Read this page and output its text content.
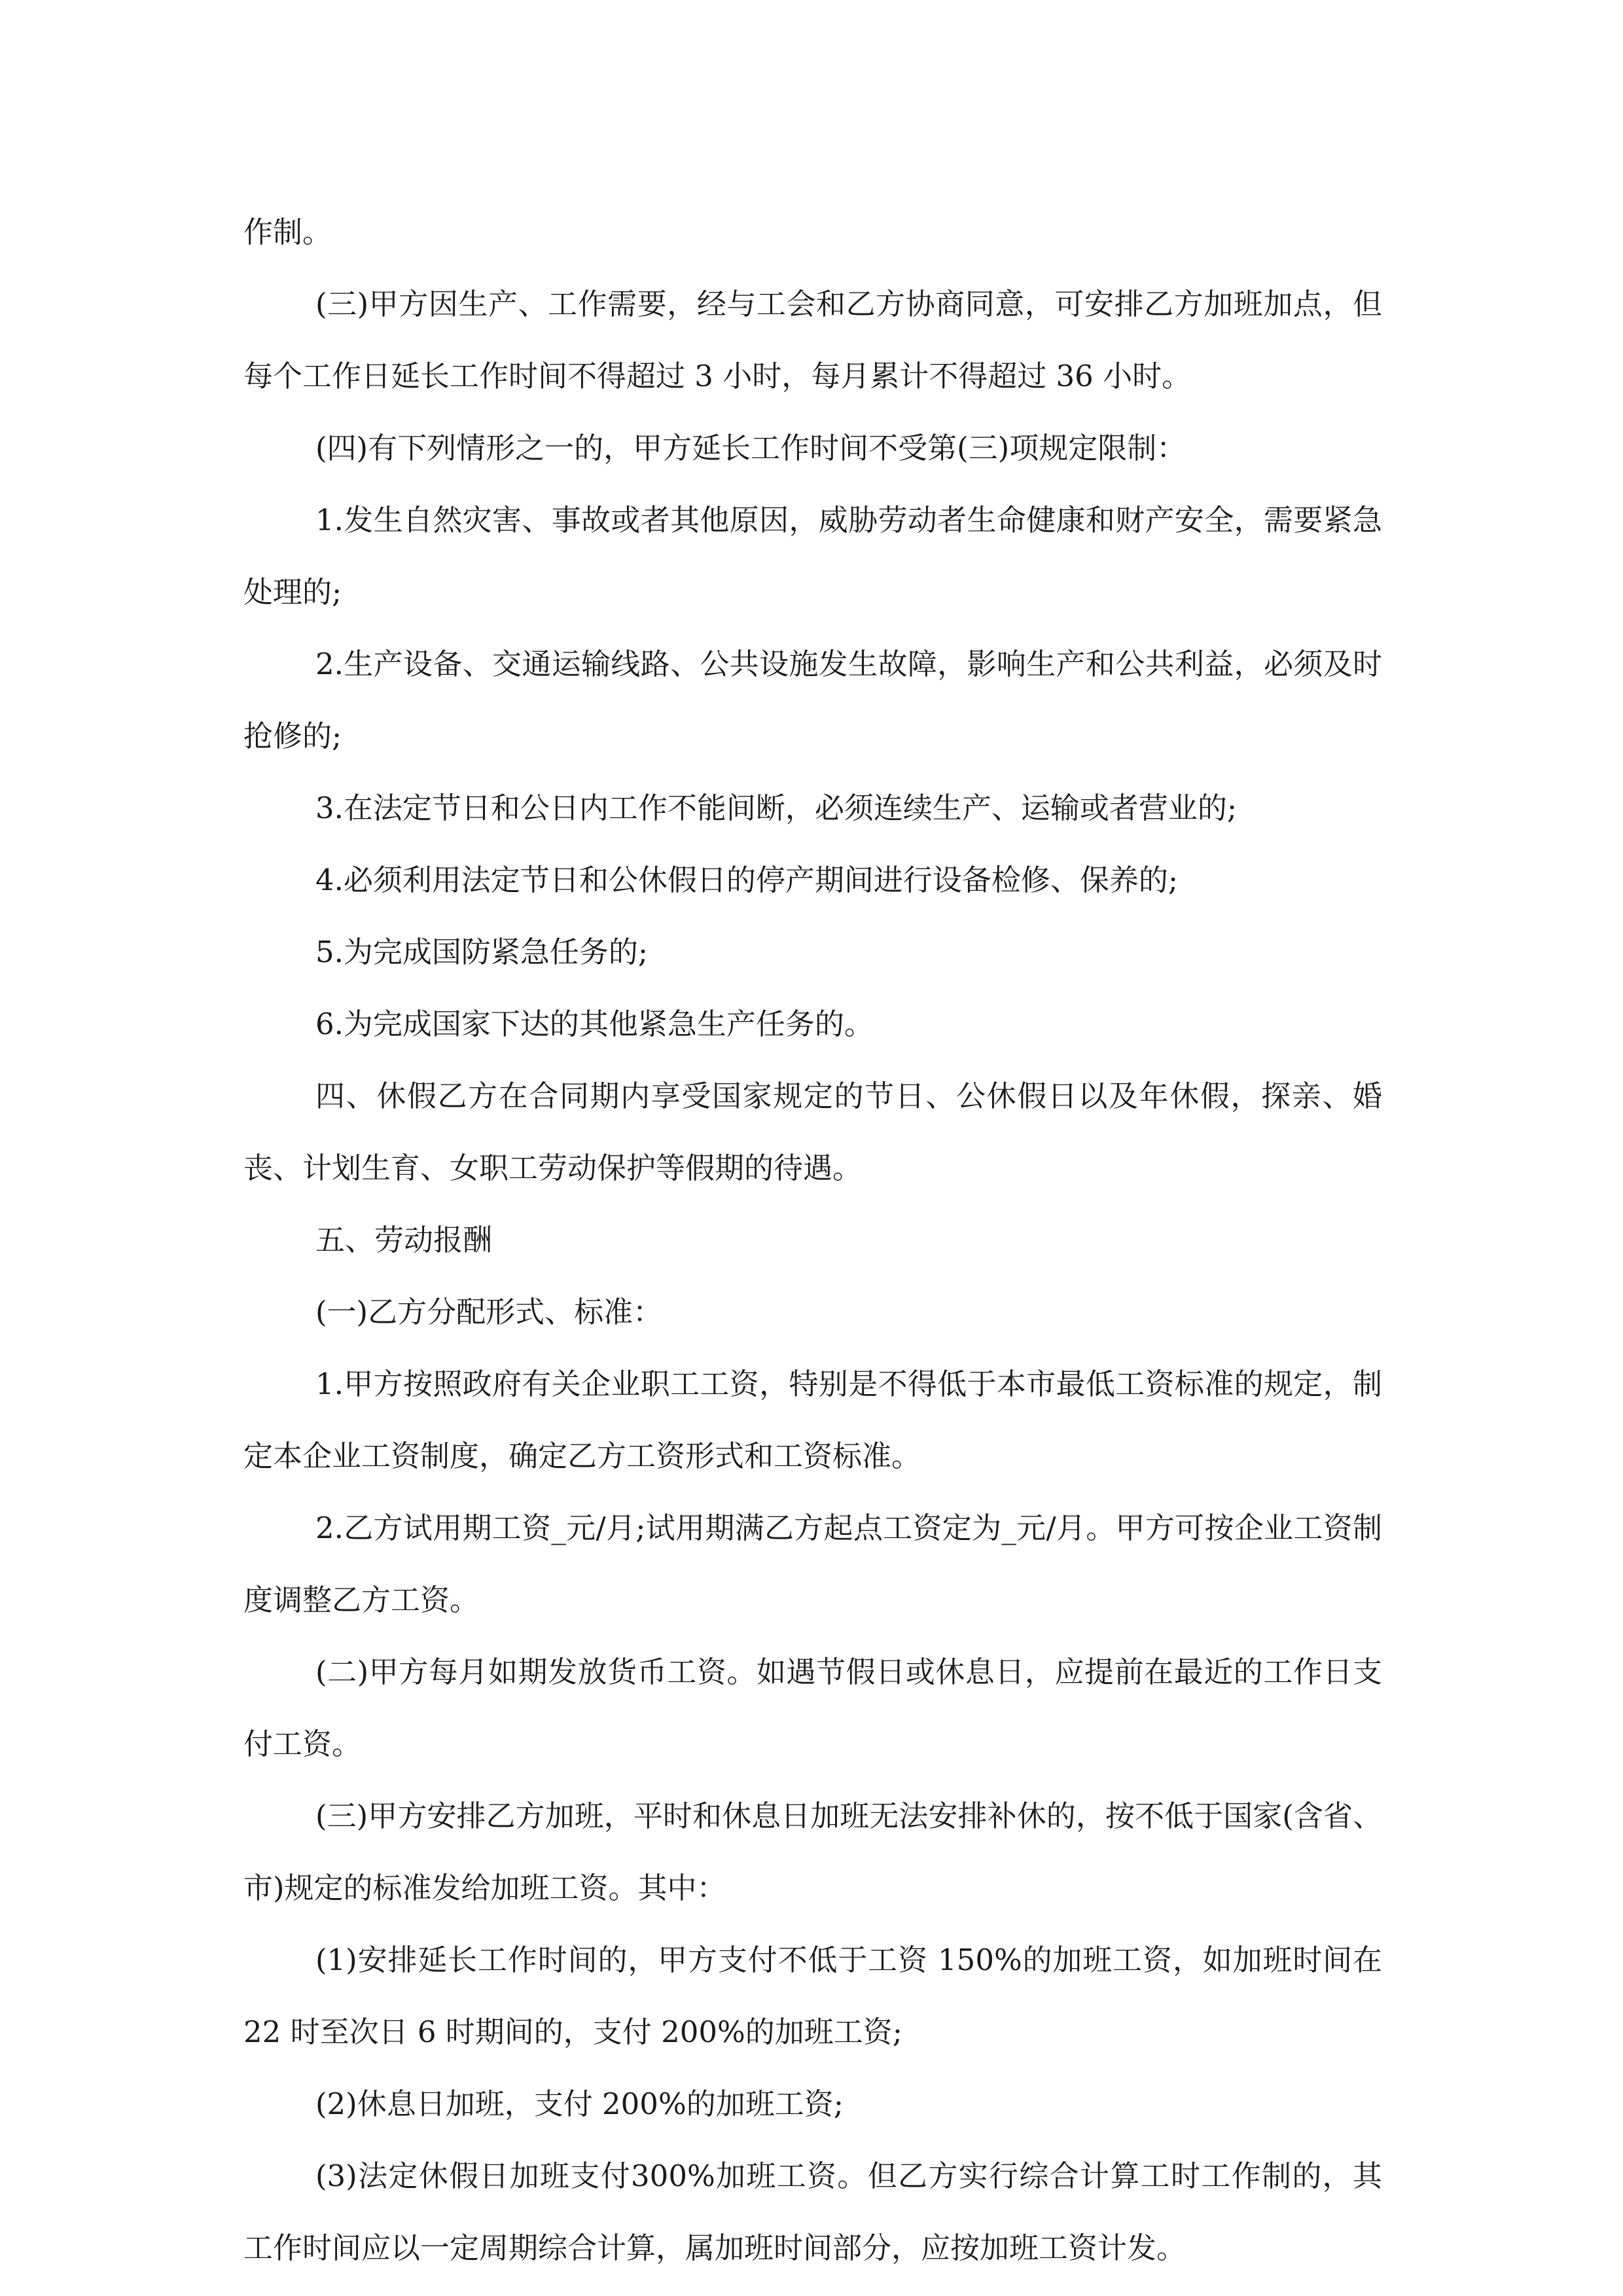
作制。

(三)甲方因生产、工作需要，经与工会和乙方协商同意，可安排乙方加班加点，但每个工作日延长工作时间不得超过 3 小时，每月累计不得超过 36 小时。

(四)有下列情形之一的，甲方延长工作时间不受第(三)项规定限制：

1.发生自然灾害、事故或者其他原因，威胁劳动者生命健康和财产安全，需要紧急处理的;

2.生产设备、交通运输线路、公共设施发生故障，影响生产和公共利益，必须及时抢修的;

3.在法定节日和公日内工作不能间断，必须连续生产、运输或者营业的;

4.必须利用法定节日和公休假日的停产期间进行设备检修、保养的;

5.为完成国防紧急任务的;

6.为完成国家下达的其他紧急生产任务的。

四、休假乙方在合同期内享受国家规定的节日、公休假日以及年休假，探亲、婚丧、计划生育、女职工劳动保护等假期的待遇。

五、劳动报酬

(一)乙方分配形式、标准：

1.甲方按照政府有关企业职工工资，特别是不得低于本市最低工资标准的规定，制定本企业工资制度，确定乙方工资形式和工资标准。

2.乙方试用期工资_元/月;试用期满乙方起点工资定为_元/月。甲方可按企业工资制度调整乙方工资。

(二)甲方每月如期发放货币工资。如遇节假日或休息日，应提前在最近的工作日支付工资。

(三)甲方安排乙方加班，平时和休息日加班无法安排补休的，按不低于国家(含省、市)规定的标准发给加班工资。其中：

(1)安排延长工作时间的，甲方支付不低于工资 150%的加班工资，如加班时间在 22 时至次日 6 时期间的，支付 200%的加班工资;

(2)休息日加班，支付 200%的加班工资;

(3)法定休假日加班支付300%加班工资。但乙方实行综合计算工时工作制的，其工作时间应以一定周期综合计算，属加班时间部分，应按加班工资计发。
